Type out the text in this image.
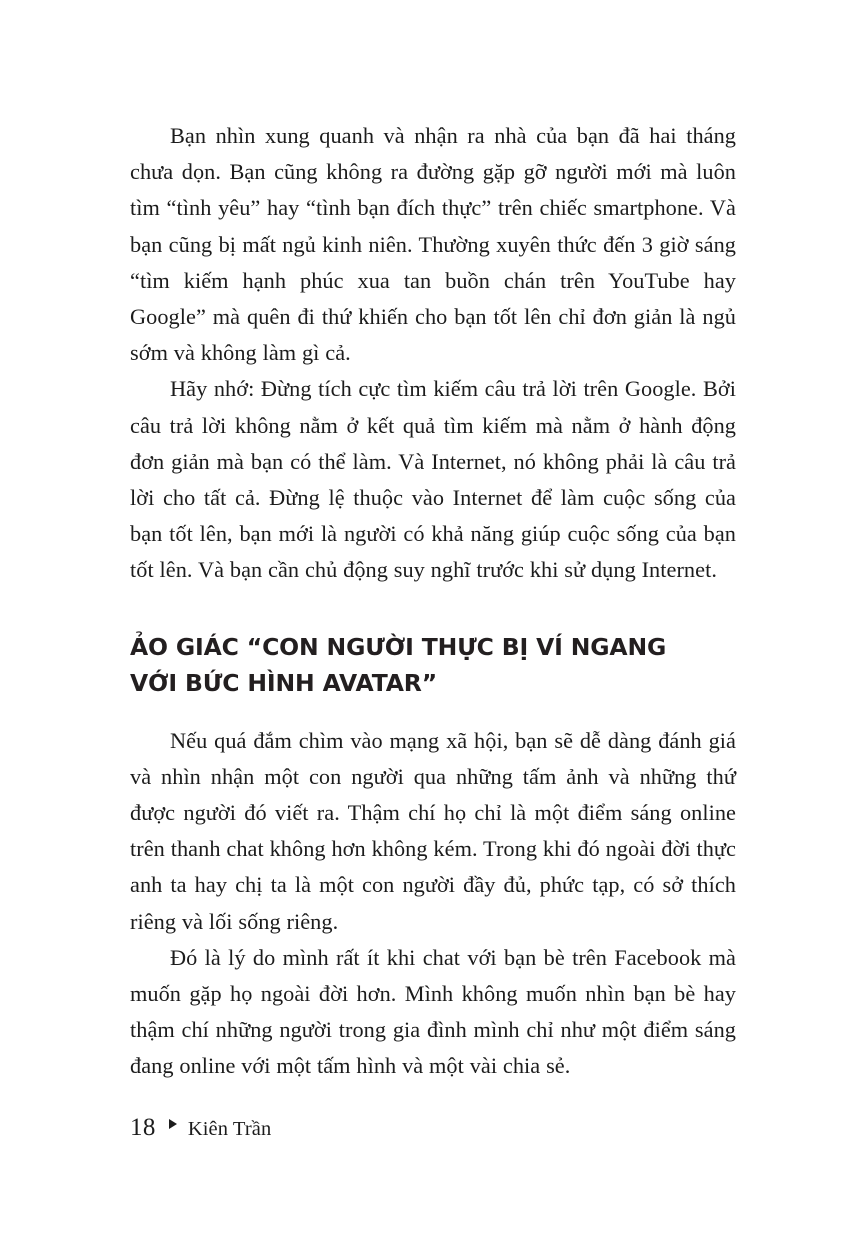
Bạn nhìn xung quanh và nhận ra nhà của bạn đã hai tháng chưa dọn. Bạn cũng không ra đường gặp gỡ người mới mà luôn tìm “tình yêu” hay “tình bạn đích thực” trên chiếc smartphone. Và bạn cũng bị mất ngủ kinh niên. Thường xuyên thức đến 3 giờ sáng “tìm kiếm hạnh phúc xua tan buồn chán trên YouTube hay Google” mà quên đi thứ khiến cho bạn tốt lên chỉ đơn giản là ngủ sớm và không làm gì cả.

Hãy nhớ: Đừng tích cực tìm kiếm câu trả lời trên Google. Bởi câu trả lời không nằm ở kết quả tìm kiếm mà nằm ở hành động đơn giản mà bạn có thể làm. Và Internet, nó không phải là câu trả lời cho tất cả. Đừng lệ thuộc vào Internet để làm cuộc sống của bạn tốt lên, bạn mới là người có khả năng giúp cuộc sống của bạn tốt lên. Và bạn cần chủ động suy nghĩ trước khi sử dụng Internet.

ẢO GIÁC “CON NGƯỜI THỰC BỊ VÍ NGANG
VỚI BỨC HÌNH AVATAR”

Nếu quá đắm chìm vào mạng xã hội, bạn sẽ dễ dàng đánh giá và nhìn nhận một con người qua những tấm ảnh và những thứ được người đó viết ra. Thậm chí họ chỉ là một điểm sáng online trên thanh chat không hơn không kém. Trong khi đó ngoài đời thực anh ta hay chị ta là một con người đầy đủ, phức tạp, có sở thích riêng và lối sống riêng.

Đó là lý do mình rất ít khi chat với bạn bè trên Facebook mà muốn gặp họ ngoài đời hơn. Mình không muốn nhìn bạn bè hay thậm chí những người trong gia đình mình chỉ như một điểm sáng đang online với một tấm hình và một vài chia sẻ.

18 Kiên Trần
